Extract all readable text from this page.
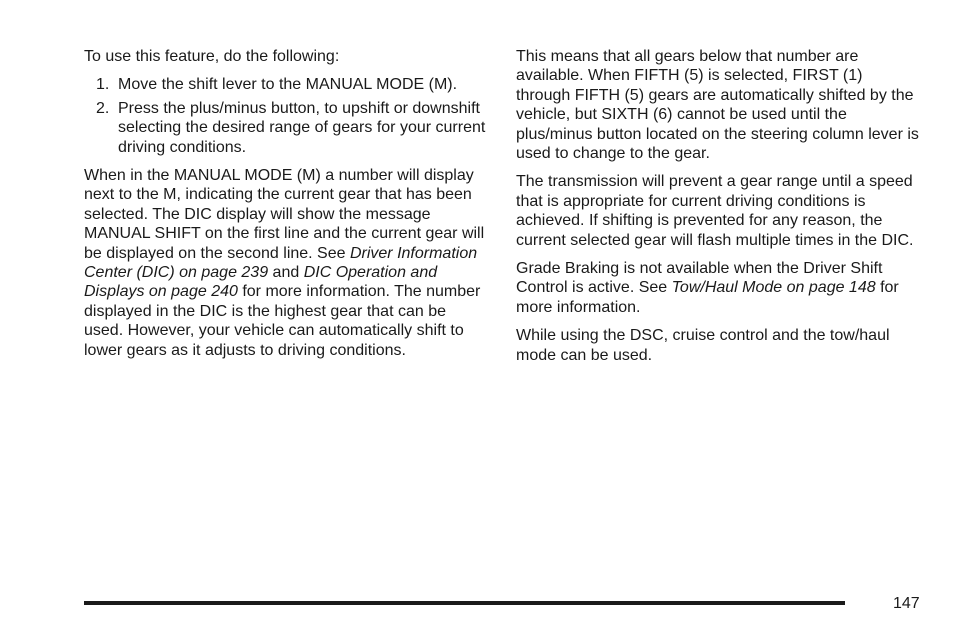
To use this feature, do the following:

1. Move the shift lever to the MANUAL MODE (M).
2. Press the plus/minus button, to upshift or downshift selecting the desired range of gears for your current driving conditions.

When in the MANUAL MODE (M) a number will display next to the M, indicating the current gear that has been selected. The DIC display will show the message MANUAL SHIFT on the first line and the current gear will be displayed on the second line. See Driver Information Center (DIC) on page 239 and DIC Operation and Displays on page 240 for more information. The number displayed in the DIC is the highest gear that can be used. However, your vehicle can automatically shift to lower gears as it adjusts to driving conditions.

This means that all gears below that number are available. When FIFTH (5) is selected, FIRST (1) through FIFTH (5) gears are automatically shifted by the vehicle, but SIXTH (6) cannot be used until the plus/minus button located on the steering column lever is used to change to the gear.

The transmission will prevent a gear range until a speed that is appropriate for current driving conditions is achieved. If shifting is prevented for any reason, the current selected gear will flash multiple times in the DIC.

Grade Braking is not available when the Driver Shift Control is active. See Tow/Haul Mode on page 148 for more information.

While using the DSC, cruise control and the tow/haul mode can be used.

147
